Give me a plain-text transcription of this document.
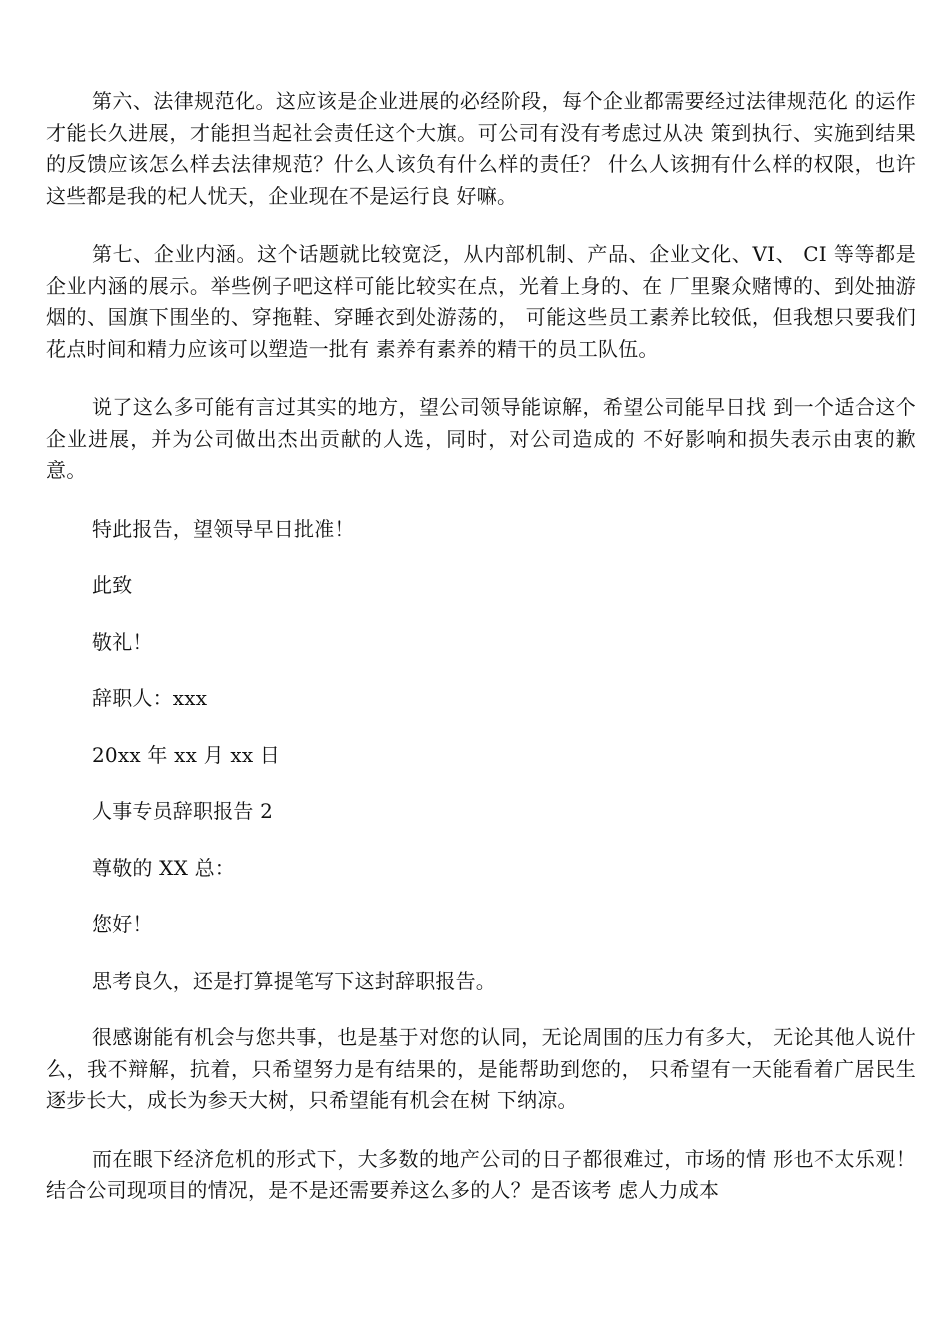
第六、法律规范化。这应该是企业进展的必经阶段，每个企业都需要经过法律规范化 的运作才能长久进展，才能担当起社会责任这个大旗。可公司有没有考虑过从决 策到执行、实施到结果的反馈应该怎么样去法律规范？什么人该负有什么样的责任？ 什么人该拥有什么样的权限，也许这些都是我的杞人忧天，企业现在不是运行良 好嘛。

第七、企业内涵。这个话题就比较宽泛，从内部机制、产品、企业文化、VI、 CI 等等都是企业内涵的展示。举些例子吧这样可能比较实在点，光着上身的、在 厂里聚众赌博的、到处抽游烟的、国旗下围坐的、穿拖鞋、穿睡衣到处游荡的， 可能这些员工素养比较低，但我想只要我们花点时间和精力应该可以塑造一批有 素养有素养的精干的员工队伍。

说了这么多可能有言过其实的地方，望公司领导能谅解，希望公司能早日找 到一个适合这个企业进展，并为公司做出杰出贡献的人选，同时，对公司造成的 不好影响和损失表示由衷的歉意。

特此报告，望领导早日批准！

此致

敬礼！

辞职人：xxx

20xx 年 xx 月 xx 日

人事专员辞职报告 2

尊敬的 XX 总：

您好！

思考良久，还是打算提笔写下这封辞职报告。

很感谢能有机会与您共事，也是基于对您的认同，无论周围的压力有多大， 无论其他人说什么，我不辩解，抗着，只希望努力是有结果的，是能帮助到您的， 只希望有一天能看着广居民生逐步长大，成长为参天大树，只希望能有机会在树 下纳凉。

而在眼下经济危机的形式下，大多数的地产公司的日子都很难过，市场的情 形也不太乐观！结合公司现项目的情况，是不是还需要养这么多的人？是否该考 虑人力成本
